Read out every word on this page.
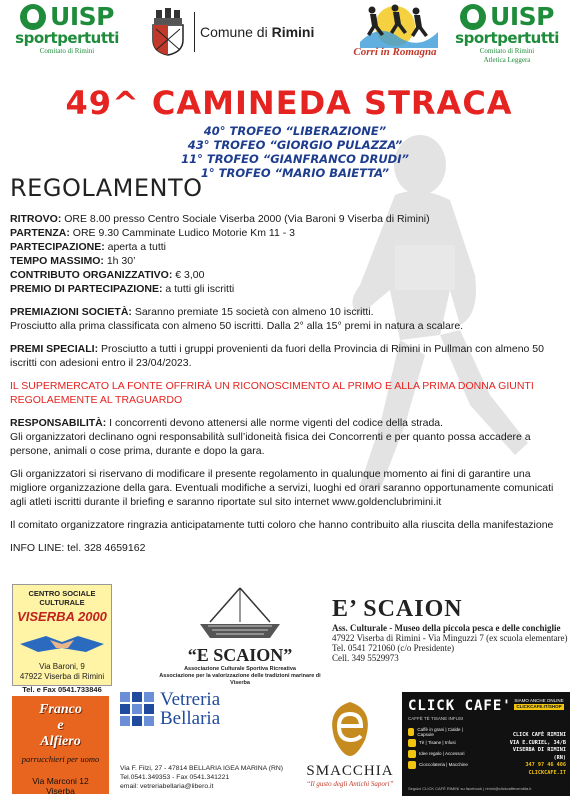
UISP
sportpertutti
Comitato di Rimini
Comune di Rimini
Corri in Romagna
UISP
sportpertutti
Comitato di Rimini
Atletica Leggera
49^ CAMINEDA STRACA
40° TROFEO “LIBERAZIONE”
43° TROFEO “GIORGIO PULAZZA”
11° TROFEO “GIANFRANCO DRUDI”
1° TROFEO “MARIO BAIETTA”
REGOLAMENTO
RITROVO: ORE 8.00 presso Centro Sociale Viserba 2000 (Via Baroni 9 Viserba di Rimini)
PARTENZA: ORE 9.30 Camminate Ludico Motorie Km 11 - 3
PARTECIPAZIONE: aperta a tutti
TEMPO MASSIMO: 1h 30’
CONTRIBUTO ORGANIZZATIVO: € 3,00
PREMIO DI PARTECIPAZIONE: a tutti gli iscritti
PREMIAZIONI SOCIETÀ: Saranno premiate 15 società con almeno 10 iscritti.
Prosciutto alla prima classificata con almeno 50 iscritti. Dalla 2° alla 15° premi in natura a scalare.
PREMI SPECIALI: Prosciutto a tutti i gruppi provenienti da fuori della Provincia di Rimini in Pullman con almeno 50 iscritti con adesioni entro il 23/04/2023.
IL SUPERMERCATO LA FONTE OFFRIRÀ UN RICONOSCIMENTO AL PRIMO E ALLA PRIMA DONNA GIUNTI REGOLAEMENTE AL TRAGUARDO
RESPONSABILITÀ: I concorrenti devono attenersi alle norme vigenti del codice della strada.
Gli organizzatori declinano ogni responsabilità sull’idoneità fisica dei Concorrenti e per quanto possa accadere a persone, animali o cose prima, durante e dopo la gara.
Gli organizzatori si riservano di modificare il presente regolamento in qualunque momento ai fini di garantire una migliore organizzazione della gara. Eventuali modifiche a servizi, luoghi ed orari saranno opportunamente comunicati agli atleti iscritti durante il briefing e saranno riportate sul sito internet www.goldenclubrimini.it
Il comitato organizzatore ringrazia anticipatamente tutti coloro che hanno contribuito alla riuscita della manifestazione
INFO LINE: tel. 328 4659162
CENTRO SOCIALE CULTURALE
VISERBA 2000
Via Baroni, 9
47922 Viserba di Rimini
Tel. e Fax 0541.733846
“E SCAION”
Associazione Culturale Sportiva Ricreativa
Associazione per la valorizzazione delle tradizioni marinare di Viserba
E’ SCAION
Ass. Culturale - Museo della piccola pesca e delle conchiglie
47922 Viserba di Rimini - Via Minguzzi 7 (ex scuola elementare)
Tel. 0541 721060 (c/o Presidente)
Cell. 349 5529973
Franco
e
Alfiero
parrucchieri per uomo
Via Marconi 12
Viserba
Vetreria
Bellaria
Via F. Filzi, 27 - 47814 BELLARIA IGEA MARINA (RN)
Tel.0541.349353 - Fax 0541.341221
email: vetreriabellaria@libero.it
SMACCHIA
“Il gusto degli Antichi Sapori”
CLICK CAFE'
CAFFÈ TÈ TISANE INFUSI
SIAMO ANCHE ONLINE
CLICKCAFE.IT/SHOP
Caffè in grani | Cialde | Capsule
Tè | Tisane | Infusi
Idee regalo | Accessori
Cioccolateria | Macchine
CLICK CAFÈ RIMINI
VIA E.CURIEL, 34/B
VISERBA DI RIMINI (RN)
347 97 46 406
CLICKCAFE.IT
Seguici CLICK CAFÈ RIMINI su facebook | rimini@clickcaffevendita.it
